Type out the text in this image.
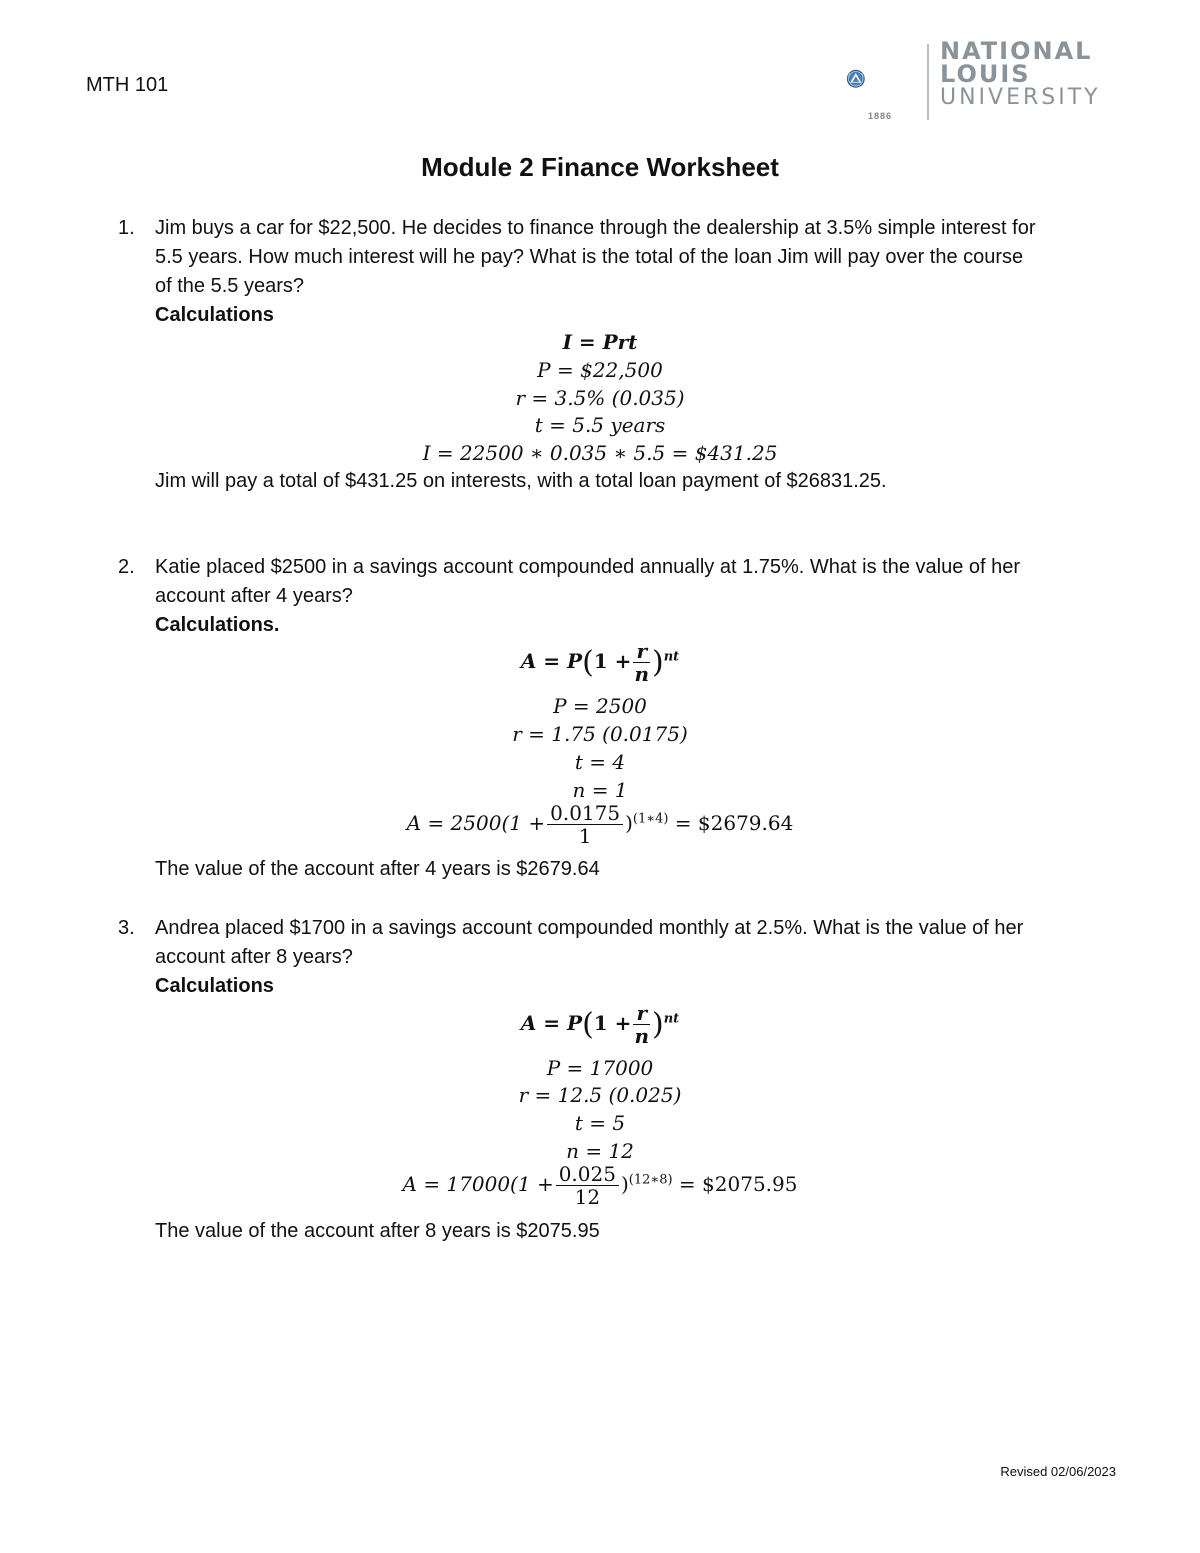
MTH 101
1886
NATIONAL
LOUIS
UNIVERSITY
Module 2 Finance Worksheet
1. Jim buys a car for $22,500. He decides to finance through the dealership at 3.5% simple interest for
5.5 years. How much interest will he pay? What is the total of the loan Jim will pay over the course
of the 5.5 years?
Calculations
I = Prt
P = $22,500
r = 3.5% (0.035)
t = 5.5 years
I = 22500 ∗ 0.035 ∗ 5.5 = $431.25
Jim will pay a total of $431.25 on interests, with a total loan payment of $26831.25.
2. Katie placed $2500 in a savings account compounded annually at 1.75%. What is the value of her
account after 4 years?
Calculations.
$A = P(1 + \frac{r}{n} )^{nt}$
P = 2500
r = 1.75 (0.0175)
t = 4
n = 1
$A = 2500(1 + \frac{0.0175}{1} )^{(1∗4)}$ = $2679.64
The value of the account after 4 years is $2679.64
3. Andrea placed $1700 in a savings account compounded monthly at 2.5%. What is the value of her
account after 8 years?
Calculations
$A = P(1 + \frac{r}{n} )^{nt}$
P = 17000
r = 12.5 (0.025)
t = 5
n = 12
$A = 17000(1 + \frac{0.025}{12} )^{(12∗8)}$ = $2075.95
The value of the account after 8 years is $2075.95
Revised 02/06/2023
